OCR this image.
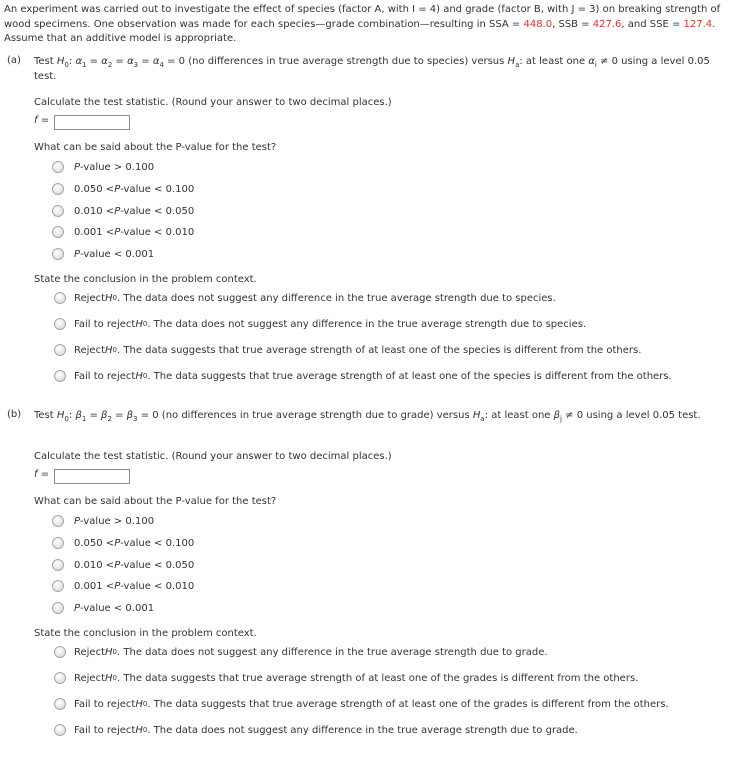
An experiment was carried out to investigate the effect of species (factor A, with I = 4) and grade (factor B, with J = 3) on breaking strength of wood specimens. One observation was made for each species—grade combination—resulting in SSA = 448.0, SSB = 427.6, and SSE = 127.4. Assume that an additive model is appropriate.
(a) Test $H_0$: $\alpha_1 = \alpha_2 = \alpha_3 = \alpha_4 = 0$ (no differences in true average strength due to species) versus $H_a$: at least one $\alpha_i \ne 0$ using a level 0.05 test.
Calculate the test statistic. (Round your answer to two decimal places.)
f =
What can be said about the P-value for the test?
P -value > 0.100
0.050 < P -value < 0.100
0.010 < P -value < 0.050
0.001 < P -value < 0.010
P -value < 0.001
State the conclusion in the problem context.
Reject H 0 . The data does not suggest any difference in the true average strength due to species.
Fail to reject H 0 . The data does not suggest any difference in the true average strength due to species.
Reject H 0 . The data suggests that true average strength of at least one of the species is different from the others.
Fail to reject H 0 . The data suggests that true average strength of at least one of the species is different from the others.
(b) Test $H_0$: $\beta_1 = \beta_2 = \beta_3 = 0$ (no differences in true average strength due to grade) versus $H_a$: at least one $\beta_j \ne 0$ using a level 0.05 test.
Calculate the test statistic. (Round your answer to two decimal places.)
f =
What can be said about the P-value for the test?
P -value > 0.100
0.050 < P -value < 0.100
0.010 < P -value < 0.050
0.001 < P -value < 0.010
P -value < 0.001
State the conclusion in the problem context.
Reject H 0 . The data does not suggest any difference in the true average strength due to grade.
Reject H 0 . The data suggests that true average strength of at least one of the grades is different from the others.
Fail to reject H 0 . The data suggests that true average strength of at least one of the grades is different from the others.
Fail to reject H 0 . The data does not suggest any difference in the true average strength due to grade.
